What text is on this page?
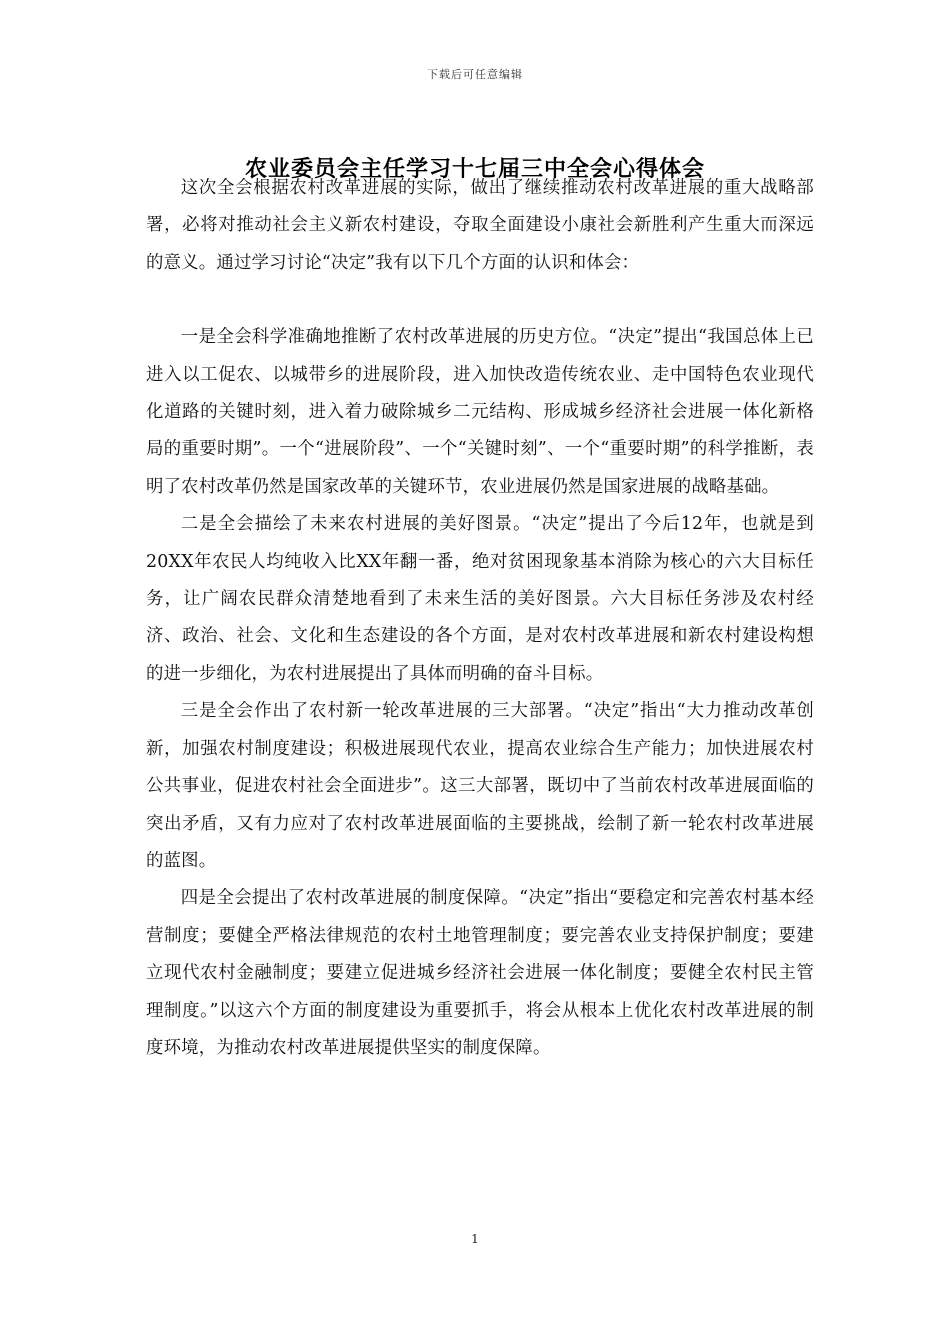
下载后可任意编辑
农业委员会主任学习十七届三中全会心得体会

这次全会根据农村改革进展的实际，做出了继续推动农村改革进展的重大战略部署，必将对推动社会主义新农村建设，夺取全面建设小康社会新胜利产生重大而深远的意义。通过学习讨论“决定”我有以下几个方面的认识和体会：

一是全会科学准确地推断了农村改革进展的历史方位。“决定”提出“我国总体上已进入以工促农、以城带乡的进展阶段，进入加快改造传统农业、走中国特色农业现代化道路的关键时刻，进入着力破除城乡二元结构、形成城乡经济社会进展一体化新格局的重要时期”。一个“进展阶段”、一个“关键时刻”、一个“重要时期”的科学推断，表明了农村改革仍然是国家改革的关键环节，农业进展仍然是国家进展的战略基础。

二是全会描绘了未来农村进展的美好图景。“决定”提出了今后12年，也就是到20XX年农民人均纯收入比XX年翻一番，绝对贫困现象基本消除为核心的六大目标任务，让广阔农民群众清楚地看到了未来生活的美好图景。六大目标任务涉及农村经济、政治、社会、文化和生态建设的各个方面，是对农村改革进展和新农村建设构想的进一步细化，为农村进展提出了具体而明确的奋斗目标。

三是全会作出了农村新一轮改革进展的三大部署。“决定”指出“大力推动改革创新，加强农村制度建设；积极进展现代农业，提高农业综合生产能力；加快进展农村公共事业，促进农村社会全面进步”。这三大部署，既切中了当前农村改革进展面临的突出矛盾，又有力应对了农村改革进展面临的主要挑战，绘制了新一轮农村改革进展的蓝图。

四是全会提出了农村改革进展的制度保障。“决定”指出“要稳定和完善农村基本经营制度；要健全严格法律规范的农村土地管理制度；要完善农业支持保护制度；要建立现代农村金融制度；要建立促进城乡经济社会进展一体化制度；要健全农村民主管理制度。”以这六个方面的制度建设为重要抓手，将会从根本上优化农村改革进展的制度环境，为推动农村改革进展提供坚实的制度保障。

1
